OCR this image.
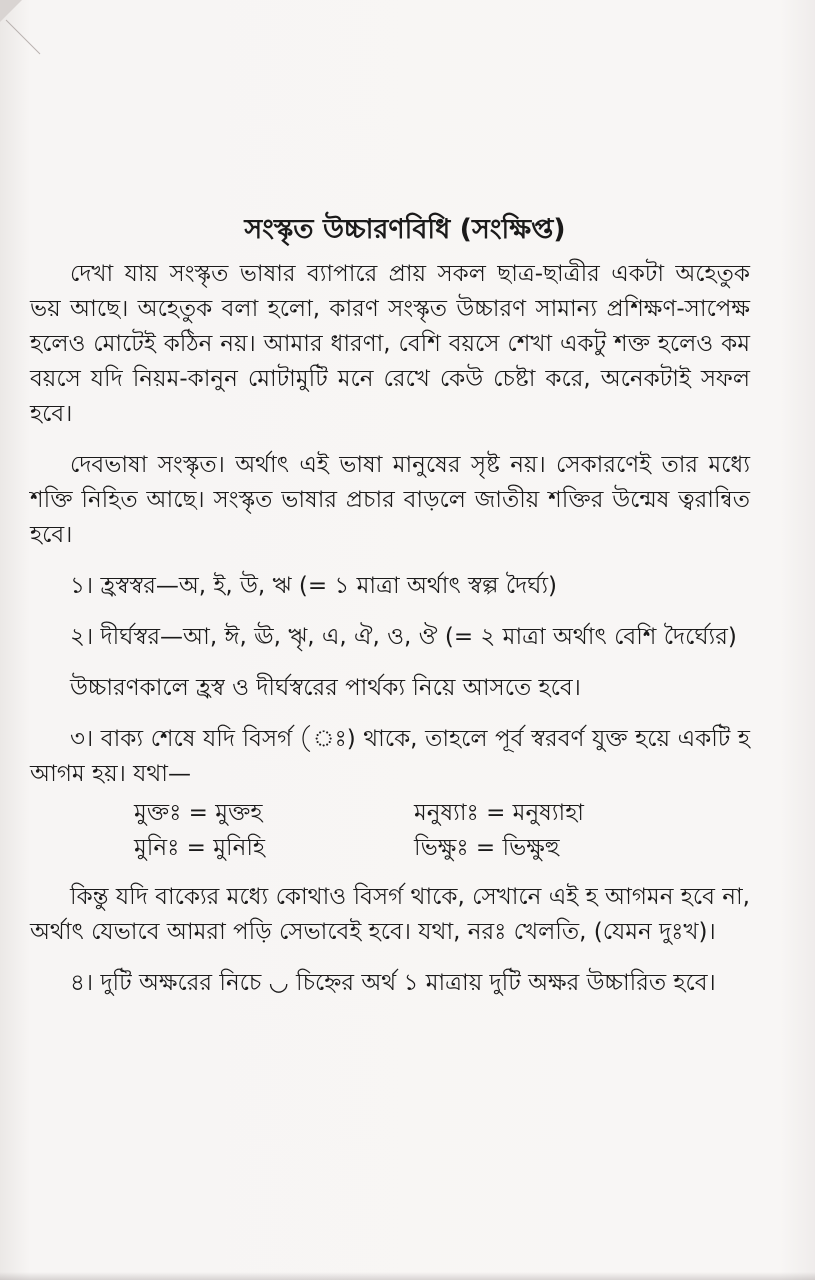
সংস্কৃত উচ্চারণবিধি (সংক্ষিপ্ত)

দেখা যায় সংস্কৃত ভাষার ব্যাপারে প্রায় সকল ছাত্র-ছাত্রীর একটা অহেতুক ভয় আছে। অহেতুক বলা হলো, কারণ সংস্কৃত উচ্চারণ সামান্য প্রশিক্ষণ-সাপেক্ষ হলেও মোটেই কঠিন নয়। আমার ধারণা, বেশি বয়সে শেখা একটু শক্ত হলেও কম বয়সে যদি নিয়ম-কানুন মোটামুটি মনে রেখে কেউ চেষ্টা করে, অনেকটাই সফল হবে।

দেবভাষা সংস্কৃত। অর্থাৎ এই ভাষা মানুষের সৃষ্ট নয়। সেকারণেই তার মধ্যে শক্তি নিহিত আছে। সংস্কৃত ভাষার প্রচার বাড়লে জাতীয় শক্তির উন্মেষ ত্বরান্বিত হবে।

১। হ্রস্বস্বর—অ, ই, উ, ঋ (= ১ মাত্রা অর্থাৎ স্বল্প দৈর্ঘ্য)

২। দীর্ঘস্বর—আ, ঈ, ঊ, ৠ, এ, ঐ, ও, ঔ (= ২ মাত্রা অর্থাৎ বেশি দৈর্ঘ্যের)

উচ্চারণকালে হ্রস্ব ও দীর্ঘস্বরের পার্থক্য নিয়ে আসতে হবে।

৩। বাক্য শেষে যদি বিসর্গ (ঃ) থাকে, তাহলে পূর্ব স্বরবর্ণ যুক্ত হয়ে একটি হ আগম হয়। যথা—

মুক্তঃ = মুক্তহ	মনুষ্যাঃ = মনুষ্যাহা
মুনিঃ = মুনিহি	ভিক্ষুঃ = ভিক্ষুহু

কিন্তু যদি বাক্যের মধ্যে কোথাও বিসর্গ থাকে, সেখানে এই হ আগমন হবে না, অর্থাৎ যেভাবে আমরা পড়ি সেভাবেই হবে। যথা, নরঃ খেলতি, (যেমন দুঃখ)।

৪। দুটি অক্ষরের নিচে ◡ চিহ্নের অর্থ ১ মাত্রায় দুটি অক্ষর উচ্চারিত হবে।
